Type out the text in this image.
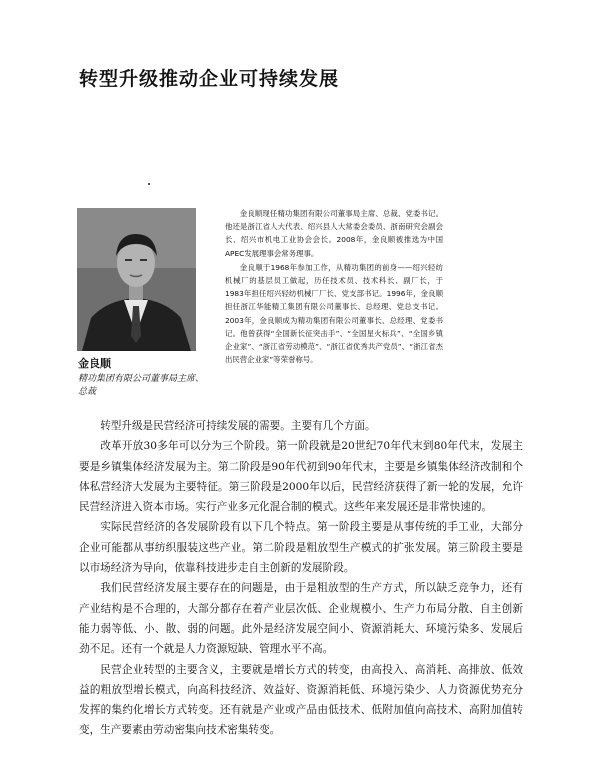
转型升级推动企业可持续发展
金良顺
精功集团有限公司董事局主席、总裁

金良顺现任精功集团有限公司董事局主席、总裁、党委书记。他还是浙江省人大代表、绍兴县人大常委会委员、浙南研究会副会长、绍兴市机电工业协会会长。2008年，金良顺被推选为中国APEC发展理事会常务理事。

金良顺于1968年参加工作，从精功集团的前身——绍兴轻纺机械厂的基层员工做起，历任技术员、技术科长、副厂长，于1983年担任绍兴轻纺机械厂厂长、党支部书记。1996年，金良顺担任浙江华能精工集团有限公司董事长、总经理、党总支书记。2003年，金良顺成为精功集团有限公司董事长、总经理、党委书记。他曾获得“全国新长征突击手”、“全国星火标兵”、“全国乡镇企业家”、“浙江省劳动模范”、“浙江省优秀共产党员”、“浙江省杰出民营企业家”等荣誉称号。

转型升级是民营经济可持续发展的需要。主要有几个方面。

改革开放30多年可以分为三个阶段。第一阶段就是20世纪70年代末到80年代末，发展主要是乡镇集体经济发展为主。第二阶段是90年代初到90年代末，主要是乡镇集体经济改制和个体私营经济大发展为主要特征。第三阶段是2000年以后，民营经济获得了新一轮的发展，允许民营经济进入资本市场。实行产业多元化混合制的模式。这些年来发展还是非常快速的。

实际民营经济的各发展阶段有以下几个特点。第一阶段主要是从事传统的手工业，大部分企业可能都从事纺织服装这些产业。第二阶段是粗放型生产模式的扩张发展。第三阶段主要是以市场经济为导向，依靠科技进步走自主创新的发展阶段。

我们民营经济发展主要存在的问题是，由于是粗放型的生产方式，所以缺乏竞争力，还有产业结构是不合理的，大部分都存在着产业层次低、企业规模小、生产力布局分散、自主创新能力弱等低、小、散、弱的问题。此外是经济发展空间小、资源消耗大、环境污染多、发展后劲不足。还有一个就是人力资源短缺、管理水平不高。

民营企业转型的主要含义，主要就是增长方式的转变，由高投入、高消耗、高排放、低效益的粗放型增长模式，向高科技经济、效益好、资源消耗低、环境污染少、人力资源优势充分发挥的集约化增长方式转变。还有就是产业或产品由低技术、低附加值向高技术、高附加值转变，生产要素由劳动密集向技术密集转变。
